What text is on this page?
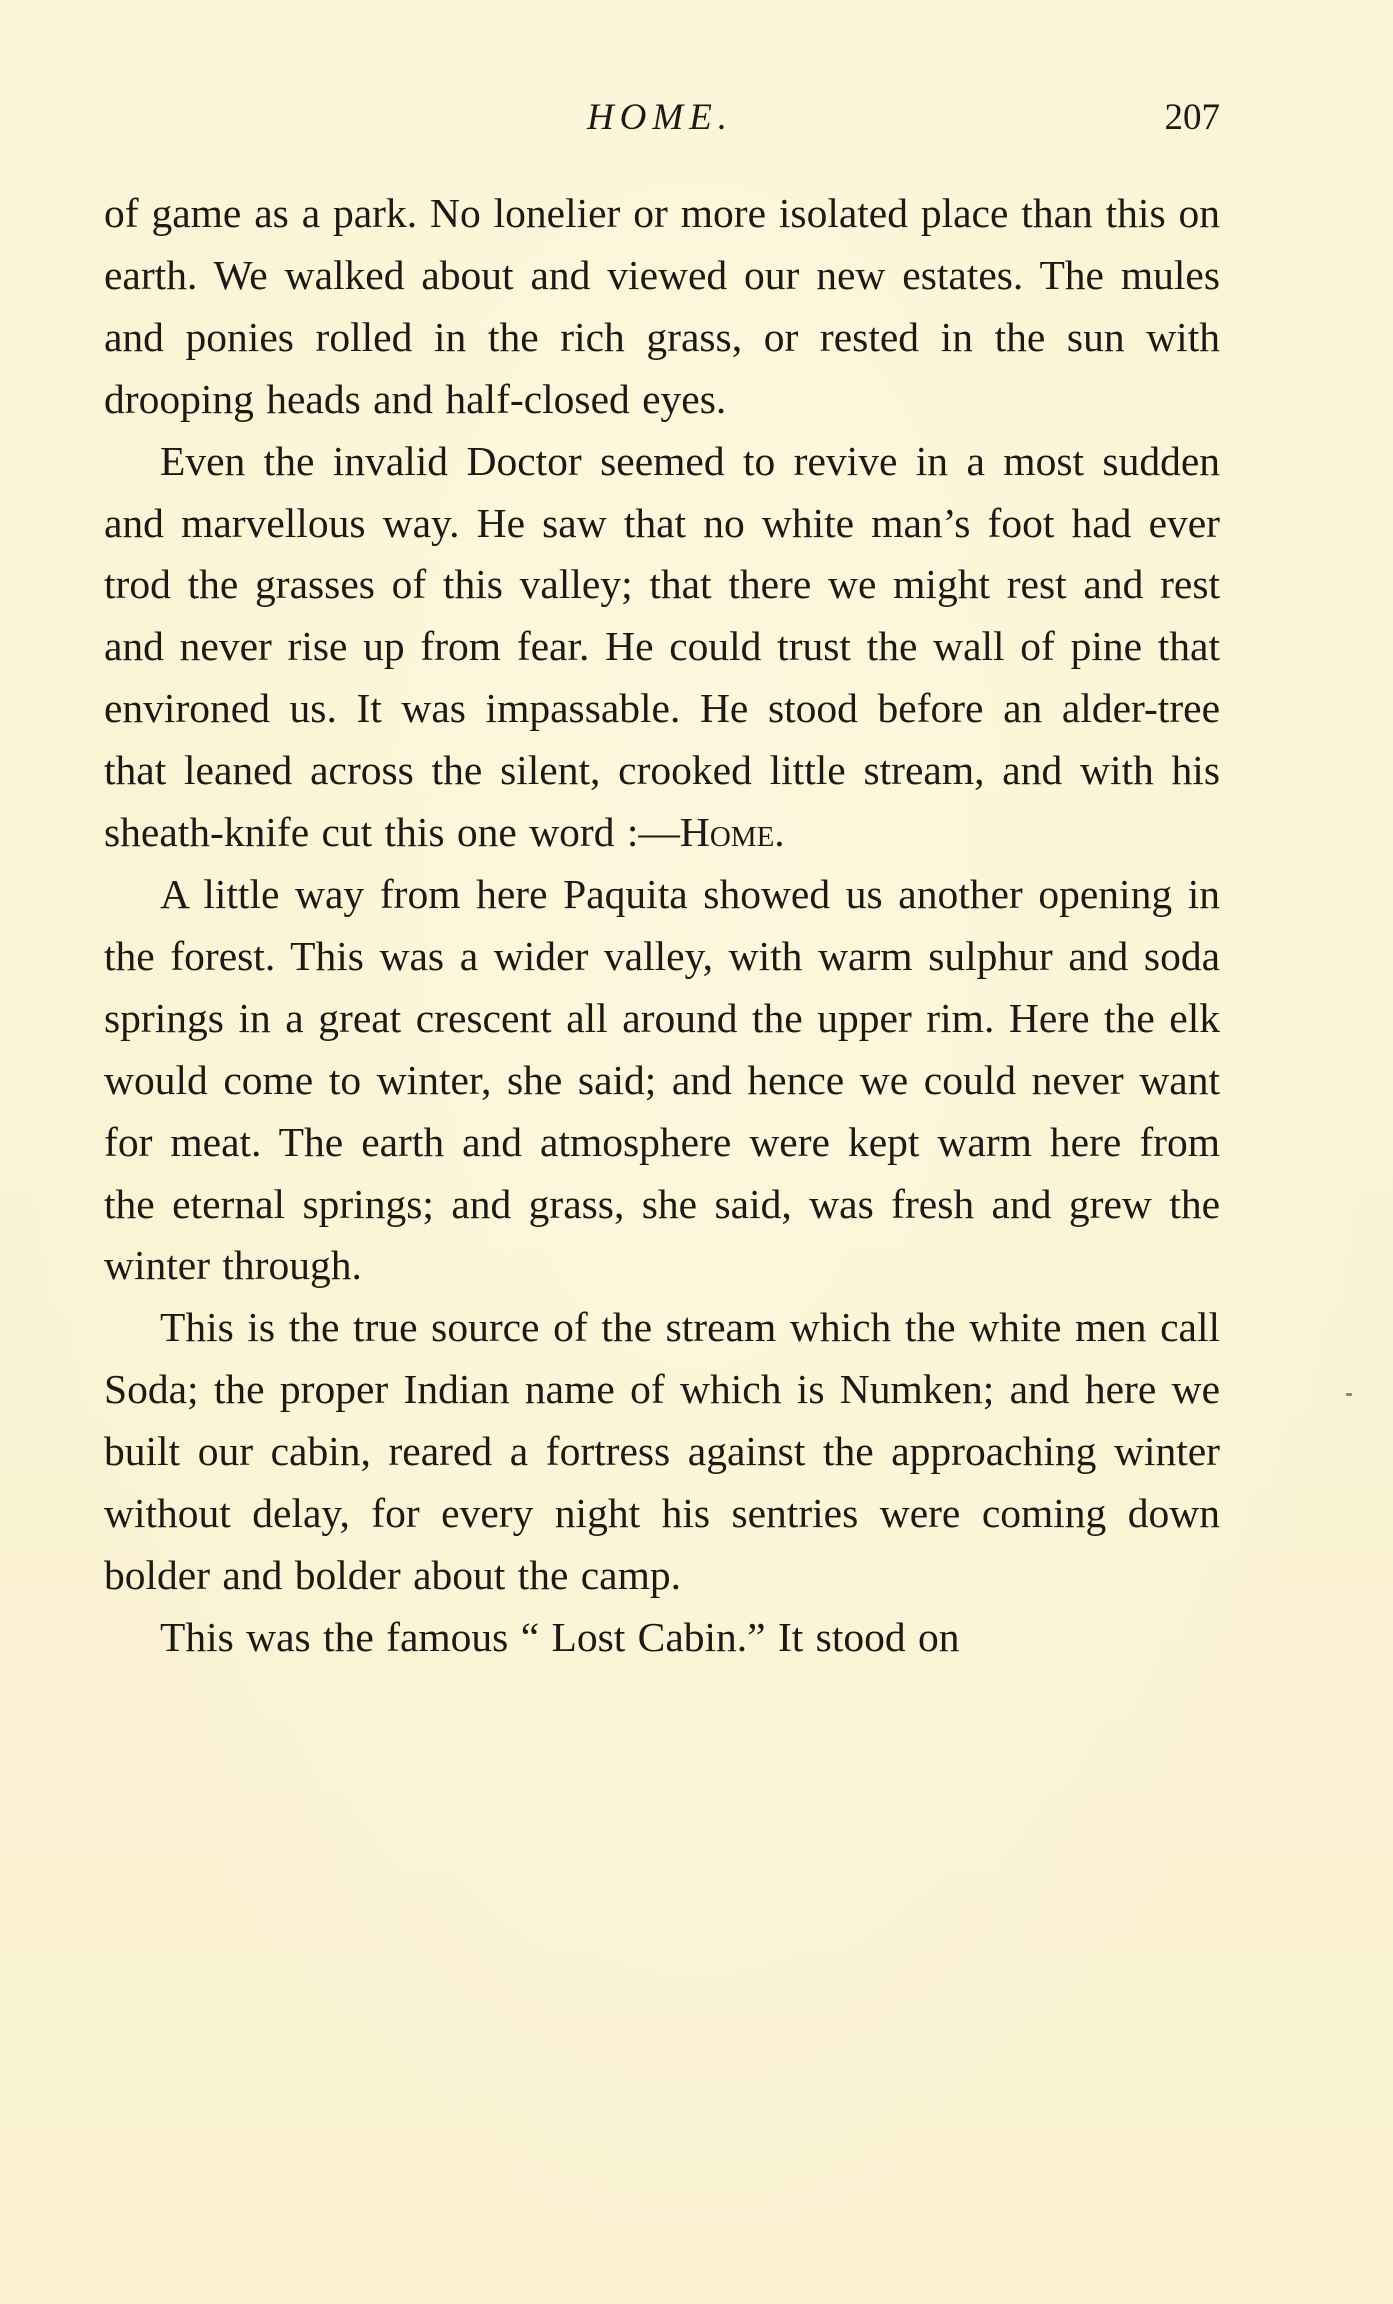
HOME.	207

of game as a park. No lonelier or more isolated place than this on earth. We walked about and viewed our new estates. The mules and ponies rolled in the rich grass, or rested in the sun with drooping heads and half-closed eyes.

Even the invalid Doctor seemed to revive in a most sudden and marvellous way. He saw that no white man’s foot had ever trod the grasses of this valley; that there we might rest and rest and never rise up from fear. He could trust the wall of pine that environed us. It was impassable. He stood before an alder-tree that leaned across the silent, crooked little stream, and with his sheath-knife cut this one word :—Home.

A little way from here Paquita showed us another opening in the forest. This was a wider valley, with warm sulphur and soda springs in a great crescent all around the upper rim. Here the elk would come to winter, she said; and hence we could never want for meat. The earth and atmosphere were kept warm here from the eternal springs; and grass, she said, was fresh and grew the winter through.

This is the true source of the stream which the white men call Soda; the proper Indian name of which is Numken; and here we built our cabin, reared a fortress against the approaching winter without delay, for every night his sentries were coming down bolder and bolder about the camp.

This was the famous “ Lost Cabin.” It stood on
